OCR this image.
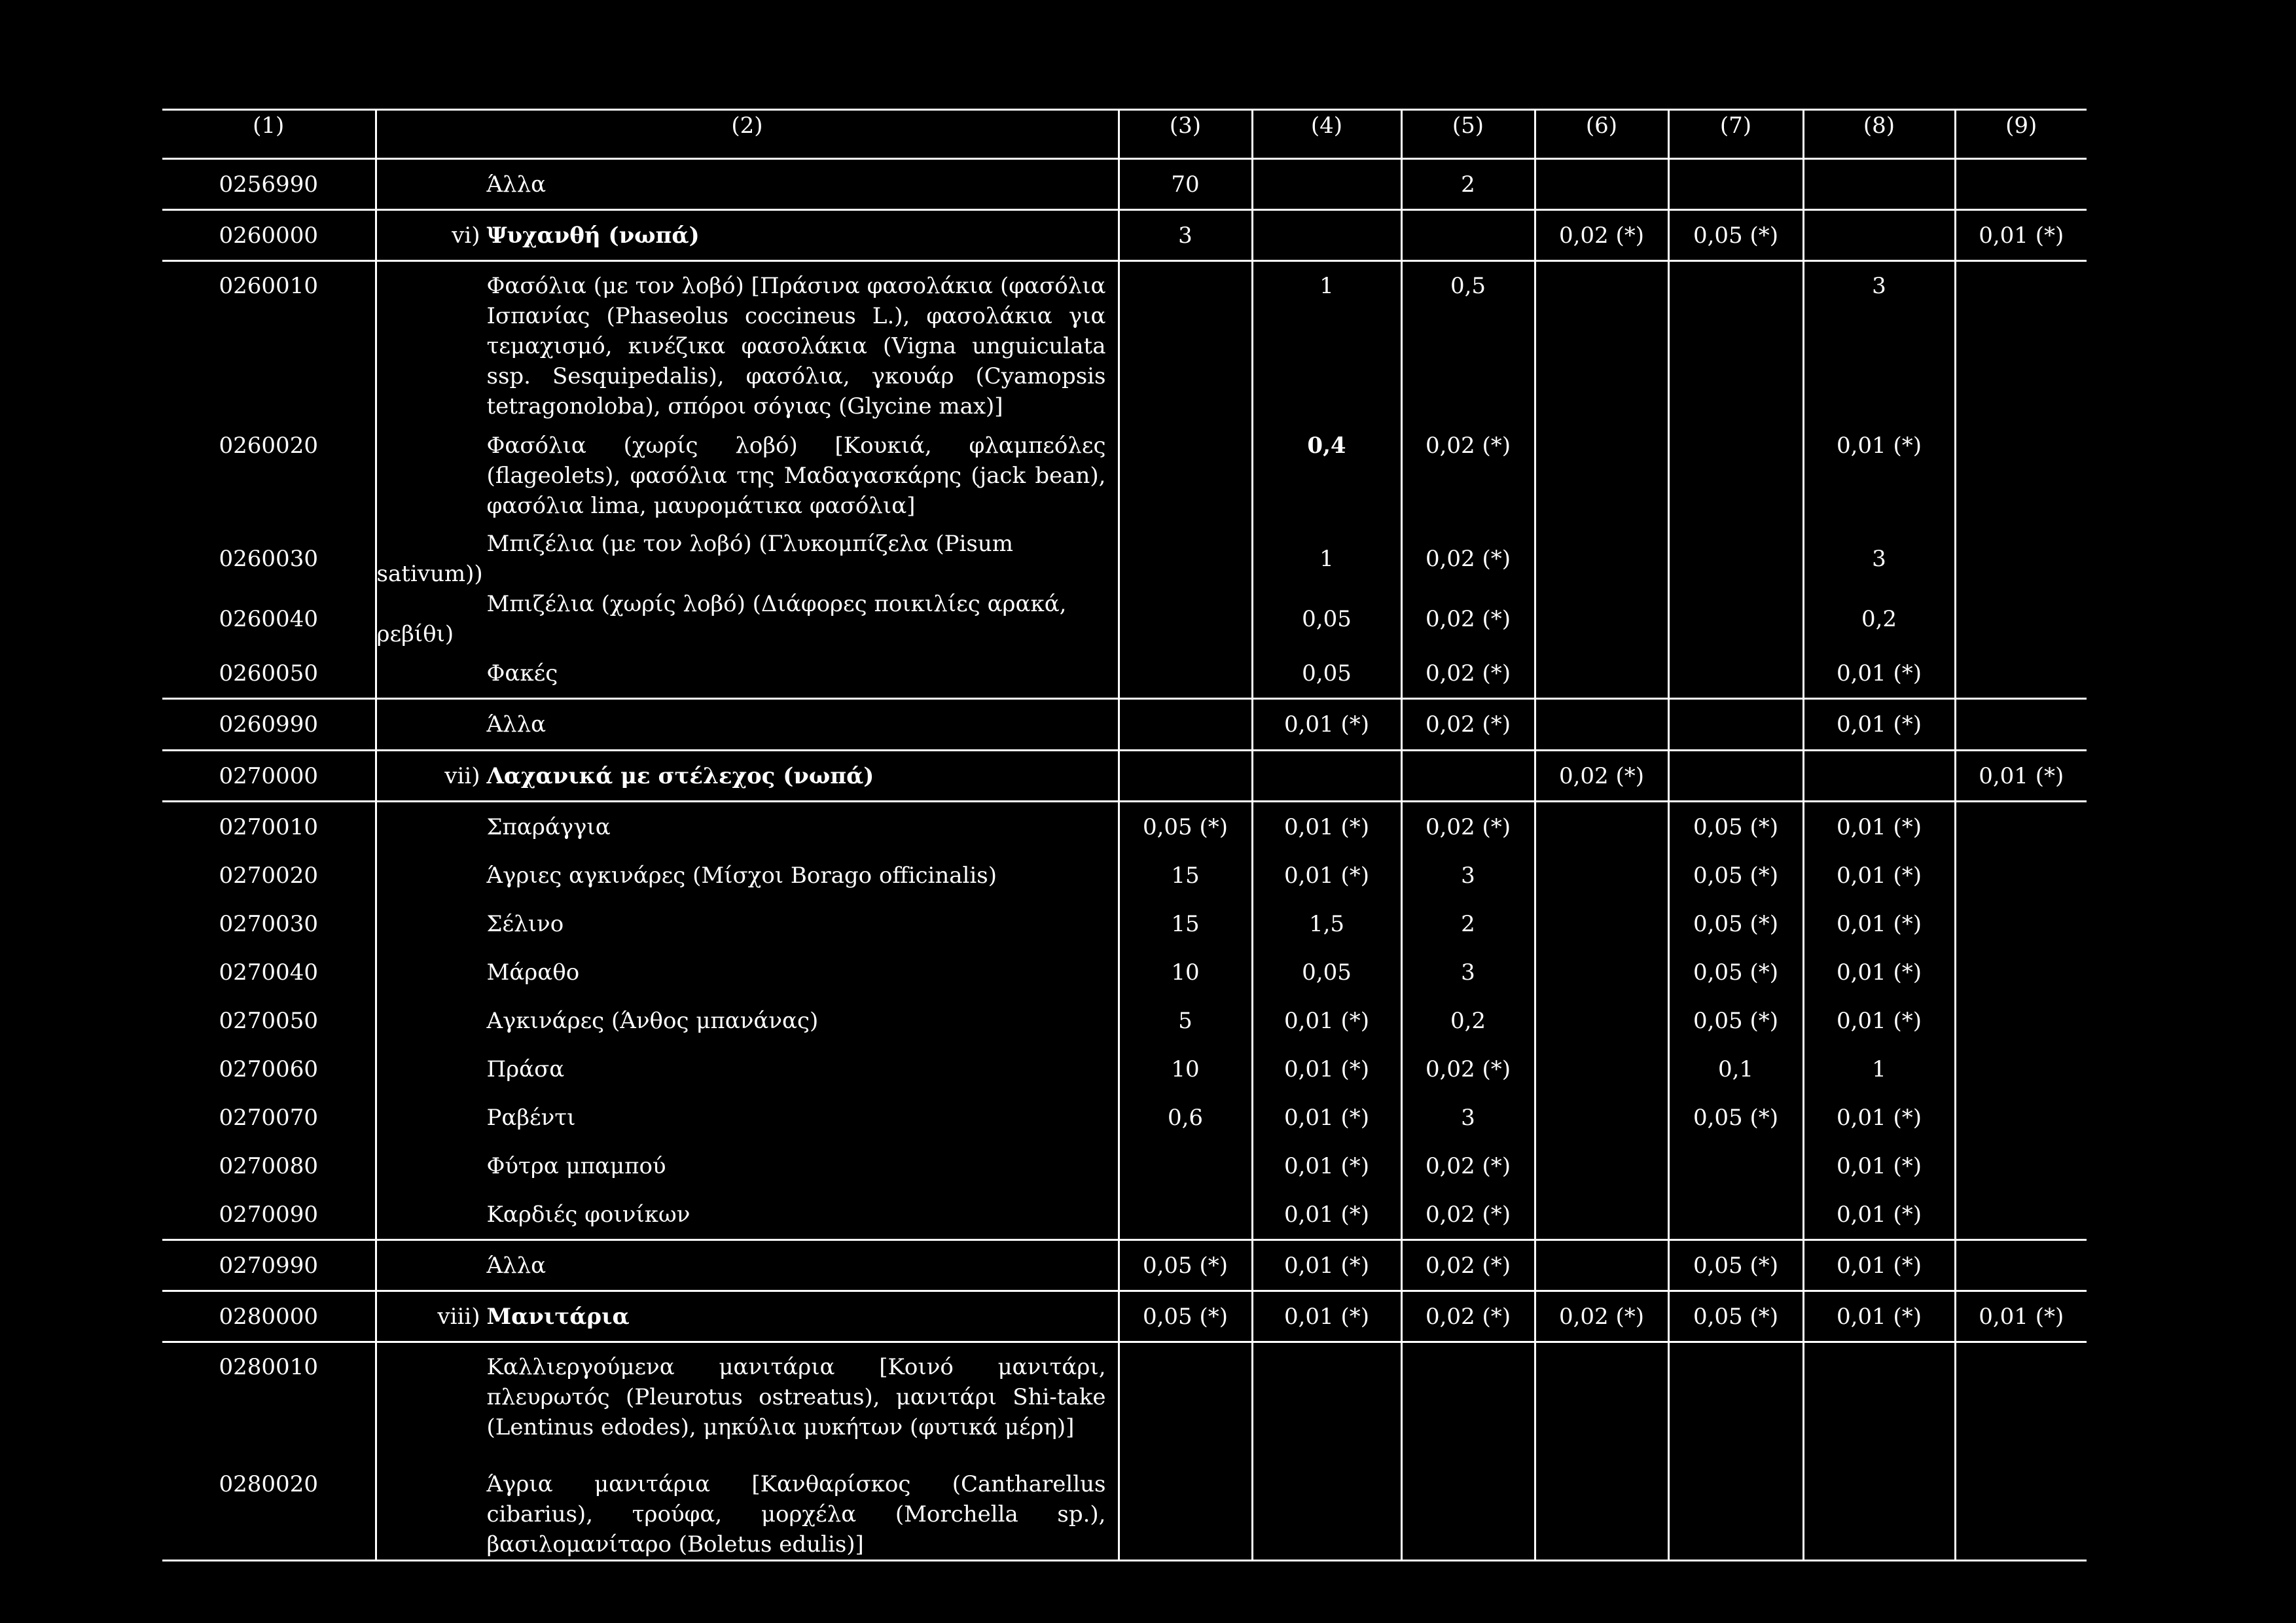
(1)	(2)	(3)	(4)	(5)	(6)	(7)	(8)	(9)
0256990	Άλλα	70		2				
0260000	vi) Ψυχανθή (νωπά)	3			0,02 (*)	0,05 (*)		0,01 (*)
0260010	Φασόλια (με τον λοβό) [Πράσινα φασολάκια (φασόλια Ισπανίας (Phaseolus coccineus L.), φασολάκια για τεμαχισμό, κινέζικα φασολάκια (Vigna unguiculata ssp. Sesquipedalis), φασόλια, γκουάρ (Cyamopsis tetragonoloba), σπόροι σόγιας (Glycine max)]		1	0,5			3	
0260020	Φασόλια (χωρίς λοβό) [Κουκιά, φλαμπεόλες (flageolets), φασόλια της Μαδαγασκάρης (jack bean), φασόλια lima, μαυρομάτικα φασόλια]		0,4	0,02 (*)			0,01 (*)	
0260030	Μπιζέλια (με τον λοβό) (Γλυκομπίζελα (Pisum sativum))		1	0,02 (*)			3	
0260040	Μπιζέλια (χωρίς λοβό) (Διάφορες ποικιλίες αρακά, ρεβίθι)		0,05	0,02 (*)			0,2	
0260050	Φακές		0,05	0,02 (*)			0,01 (*)	
0260990	Άλλα		0,01 (*)	0,02 (*)			0,01 (*)	
0270000	vii) Λαχανικά με στέλεχος (νωπά)				0,02 (*)			0,01 (*)
0270010	Σπαράγγια	0,05 (*)	0,01 (*)	0,02 (*)		0,05 (*)	0,01 (*)	
0270020	Άγριες αγκινάρες (Μίσχοι Borago officinalis)	15	0,01 (*)	3		0,05 (*)	0,01 (*)	
0270030	Σέλινο	15	1,5	2		0,05 (*)	0,01 (*)	
0270040	Μάραθο	10	0,05	3		0,05 (*)	0,01 (*)	
0270050	Αγκινάρες (Άνθος μπανάνας)	5	0,01 (*)	0,2		0,05 (*)	0,01 (*)	
0270060	Πράσα	10	0,01 (*)	0,02 (*)		0,1	1	
0270070	Ραβέντι	0,6	0,01 (*)	3		0,05 (*)	0,01 (*)	
0270080	Φύτρα μπαμπού		0,01 (*)	0,02 (*)			0,01 (*)	
0270090	Καρδιές φοινίκων		0,01 (*)	0,02 (*)			0,01 (*)	
0270990	Άλλα	0,05 (*)	0,01 (*)	0,02 (*)		0,05 (*)	0,01 (*)	
0280000	viii) Μανιτάρια	0,05 (*)	0,01 (*)	0,02 (*)	0,02 (*)	0,05 (*)	0,01 (*)	0,01 (*)
0280010	Καλλιεργούμενα μανιτάρια [Κοινό μανιτάρι, πλευρωτός (Pleurotus ostreatus), μανιτάρι Shi-take (Lentinus edodes), μηκύλια μυκήτων (φυτικά μέρη)]							

0280020	Άγρια μανιτάρια [Κανθαρίσκος (Cantharellus cibarius), τρούφα, μορχέλα (Morchella sp.), βασιλομανίταρο (Boletus edulis)]							
